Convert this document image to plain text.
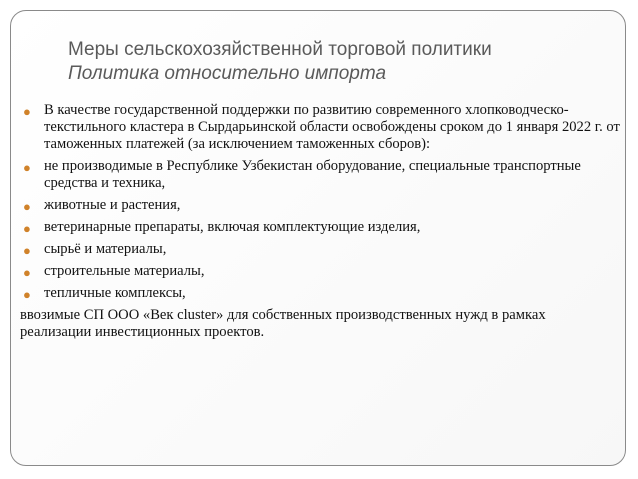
Меры сельскохозяйственной торговой политики
Политика относительно импорта
● В качестве государственной поддержки по развитию современного хлопководческо-текстильного кластера в Сырдарьинской области освобождены сроком до 1 января 2022 г. от таможенных платежей (за исключением таможенных сборов):
● не производимые в Республике Узбекистан оборудование, специальные транспортные средства и техника,
● животные и растения,
● ветеринарные препараты, включая комплектующие изделия,
● сырьё и материалы,
● строительные материалы,
● тепличные комплексы,

ввозимые СП ООО «Век cluster» для собственных производственных нужд в рамках реализации инвестиционных проектов.
